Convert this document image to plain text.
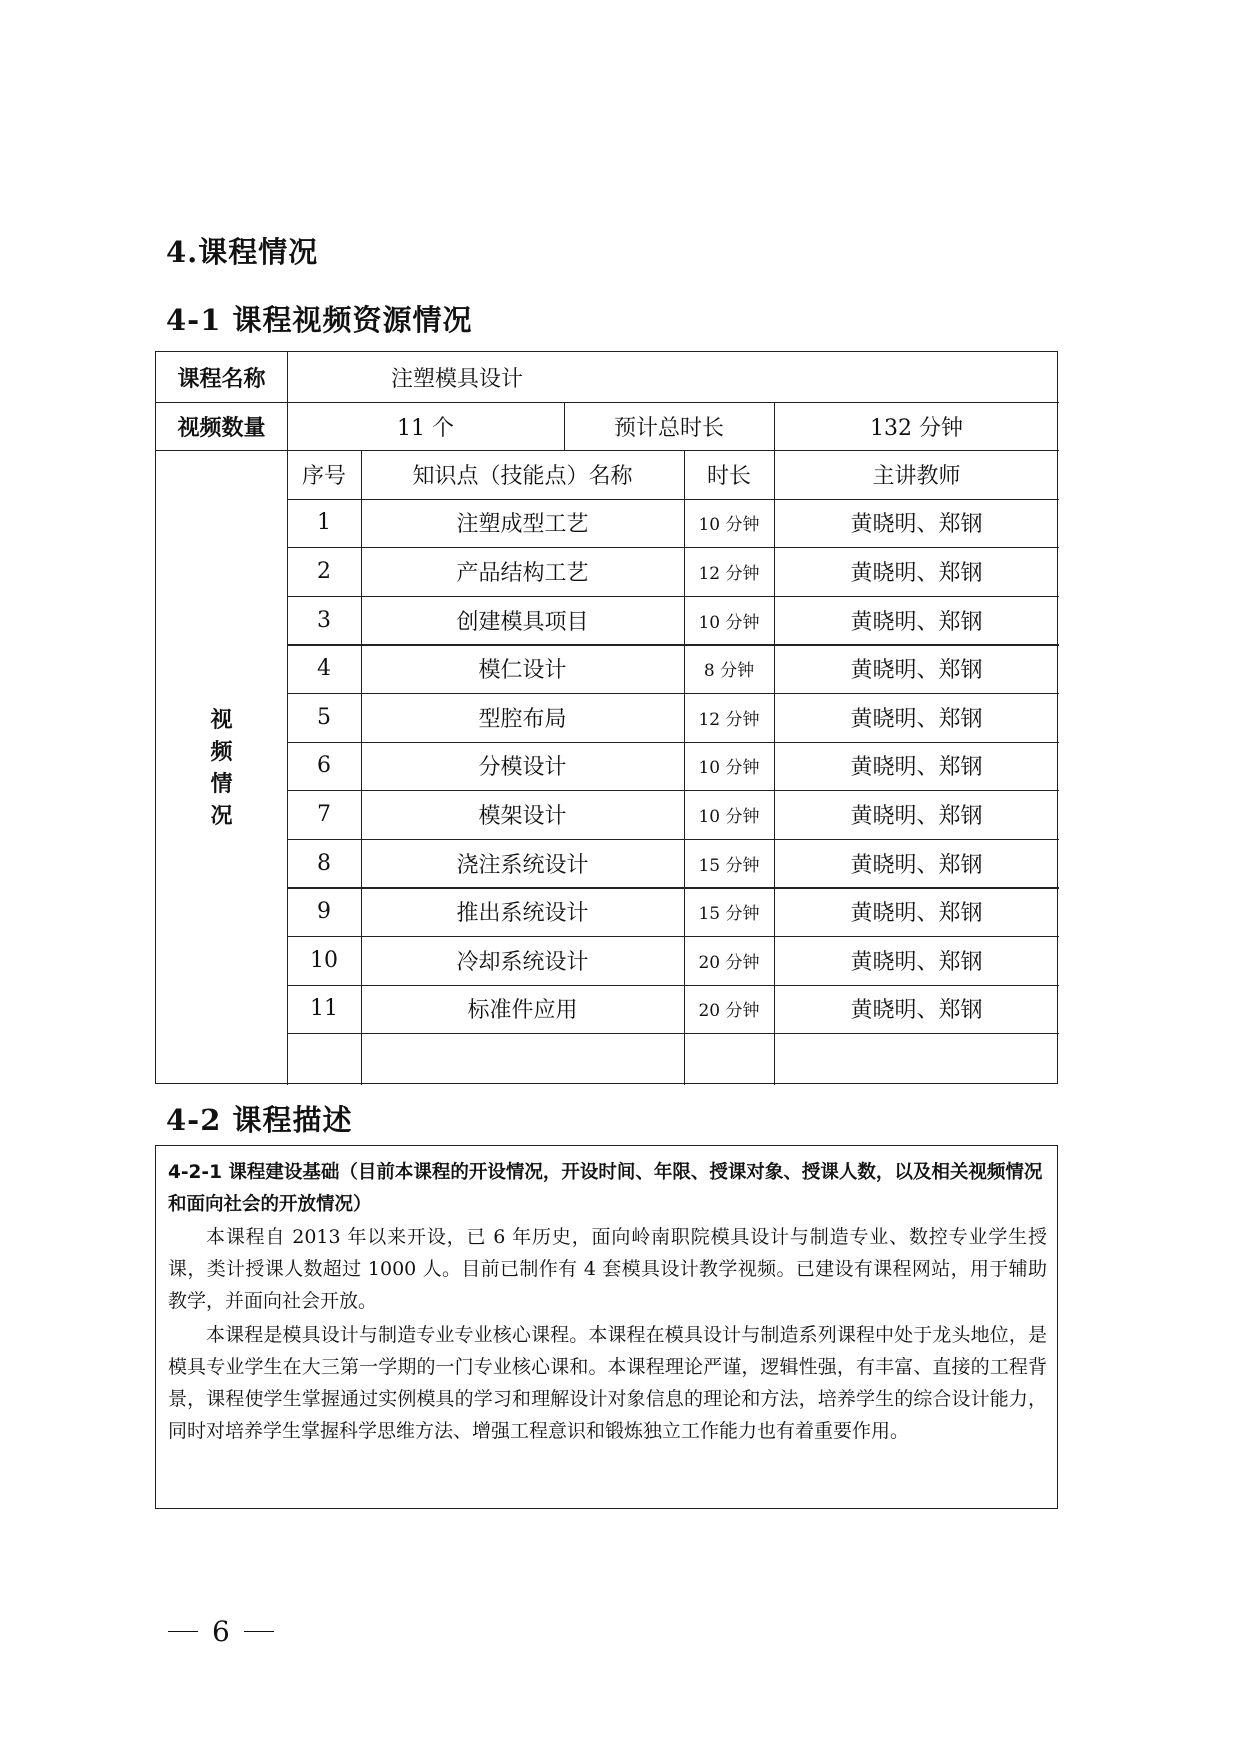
4.课程情况
4-1 课程视频资源情况
课程名称	注塑模具设计
视频数量	11 个	预计总时长	132 分钟
视
频
情
况
序号	知识点（技能点）名称	时长	主讲教师
1	注塑成型工艺	10 分钟	黄晓明、郑钢
2	产品结构工艺	12 分钟	黄晓明、郑钢
3	创建模具项目	10 分钟	黄晓明、郑钢
4	模仁设计	8 分钟	黄晓明、郑钢
5	型腔布局	12 分钟	黄晓明、郑钢
6	分模设计	10 分钟	黄晓明、郑钢
7	模架设计	10 分钟	黄晓明、郑钢
8	浇注系统设计	15 分钟	黄晓明、郑钢
9	推出系统设计	15 分钟	黄晓明、郑钢
10	冷却系统设计	20 分钟	黄晓明、郑钢
11	标准件应用	20 分钟	黄晓明、郑钢
4-2 课程描述
4-2-1 课程建设基础（目前本课程的开设情况，开设时间、年限、授课对象、授课人数，以及相关视频情况和面向社会的开放情况）

本课程自 2013 年以来开设，已 6 年历史，面向岭南职院模具设计与制造专业、数控专业学生授课，类计授课人数超过 1000 人。目前已制作有 4 套模具设计教学视频。已建设有课程网站，用于辅助教学，并面向社会开放。

本课程是模具设计与制造专业专业核心课程。本课程在模具设计与制造系列课程中处于龙头地位，是模具专业学生在大三第一学期的一门专业核心课和。本课程理论严谨，逻辑性强，有丰富、直接的工程背景，课程使学生掌握通过实例模具的学习和理解设计对象信息的理论和方法，培养学生的综合设计能力，同时对培养学生掌握科学思维方法、增强工程意识和锻炼独立工作能力也有着重要作用。

6
